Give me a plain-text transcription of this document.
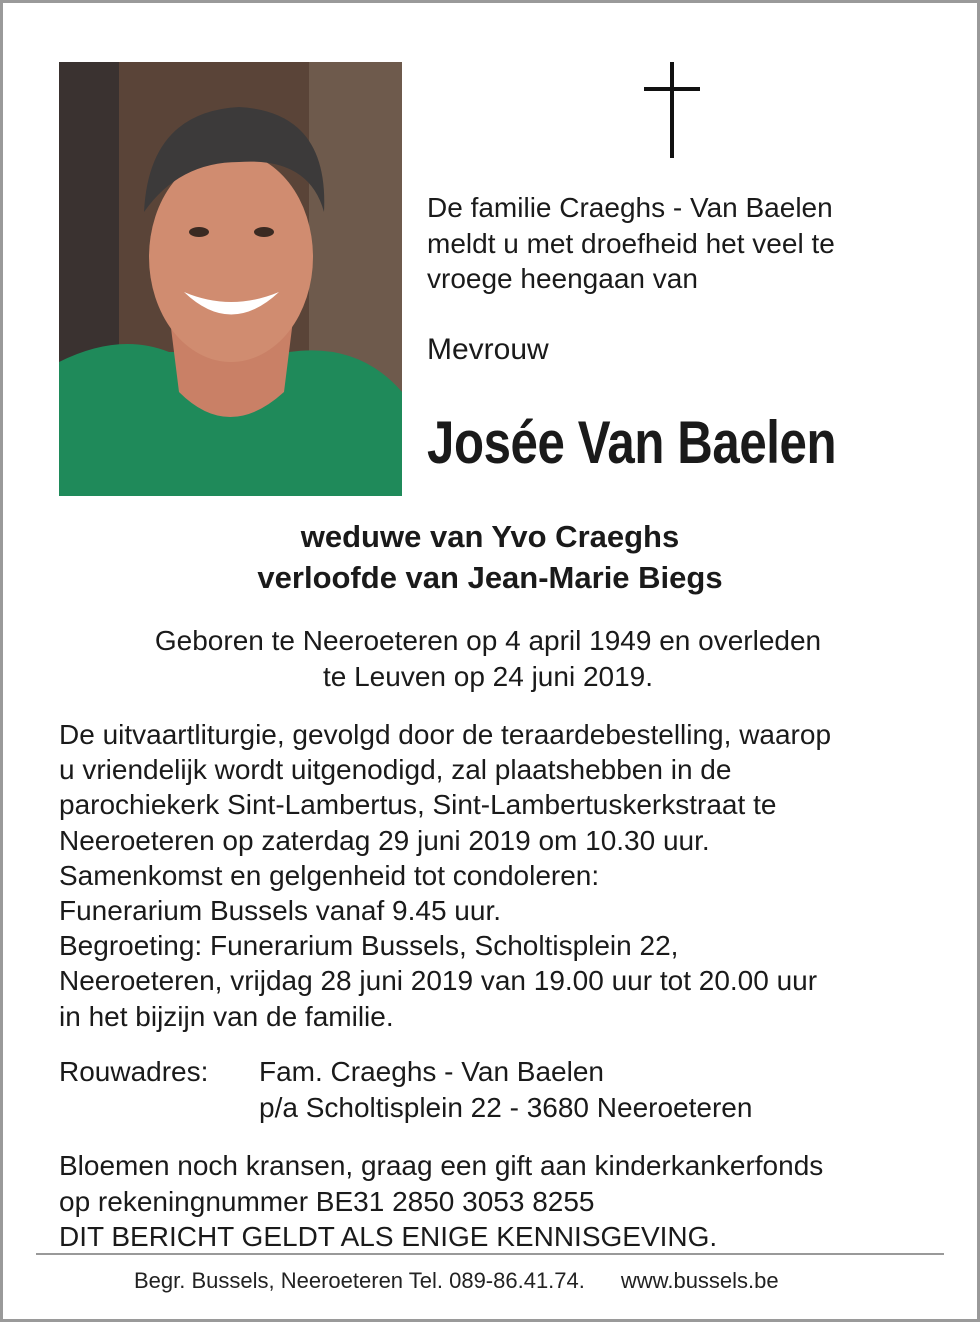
De familie Craeghs - Van Baelen
meldt u met droefheid het veel te
vroege heengaan van
Mevrouw
Josée Van Baelen
weduwe van Yvo Craeghs
verloofde van Jean-Marie Biegs
Geboren te Neeroeteren op 4 april 1949 en overleden
te Leuven op 24 juni 2019.
De uitvaartliturgie, gevolgd door de teraardebestelling, waarop
u vriendelijk wordt uitgenodigd, zal plaatshebben in de
parochiekerk Sint-Lambertus, Sint-Lambertuskerkstraat te
Neeroeteren op zaterdag 29 juni 2019 om 10.30 uur.
Samenkomst en gelgenheid tot condoleren:
Funerarium Bussels vanaf 9.45 uur.
Begroeting: Funerarium Bussels, Scholtisplein 22,
Neeroeteren, vrijdag 28 juni 2019 van 19.00 uur tot 20.00 uur
in het bijzijn van de familie.
Rouwadres: Fam. Craeghs - Van Baelen
p/a Scholtisplein 22 - 3680 Neeroeteren
Bloemen noch kransen, graag een gift aan kinderkankerfonds
op rekeningnummer BE31 2850 3053 8255
DIT BERICHT GELDT ALS ENIGE KENNISGEVING.
Begr. Bussels, Neeroeteren Tel. 089-86.41.74. www.bussels.be
